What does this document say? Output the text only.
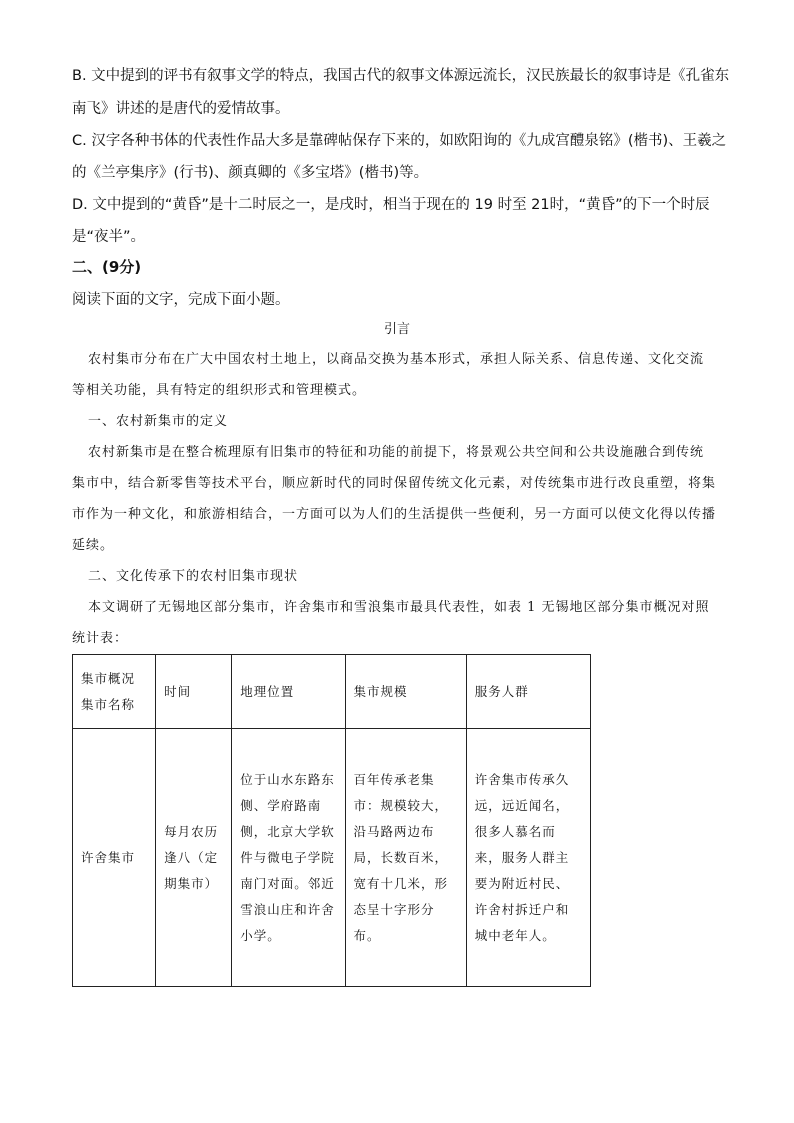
B. 文中提到的评书有叙事文学的特点，我国古代的叙事文体源远流长，汉民族最长的叙事诗是《孔雀东
南飞》讲述的是唐代的爱情故事。
C. 汉字各种书体的代表性作品大多是靠碑帖保存下来的，如欧阳询的《九成宫醴泉铭》(楷书)、王羲之
的《兰亭集序》(行书)、颜真卿的《多宝塔》(楷书)等。
D. 文中提到的“黄昏”是十二时辰之一，是戌时，相当于现在的 19 时至 21时，“黄昏”的下一个时辰
是“夜半”。
二、(9分)
阅读下面的文字，完成下面小题。
引言
农村集市分布在广大中国农村土地上，以商品交换为基本形式，承担人际关系、信息传递、文化交流
等相关功能，具有特定的组织形式和管理模式。
一、农村新集市的定义
农村新集市是在整合梳理原有旧集市的特征和功能的前提下，将景观公共空间和公共设施融合到传统
集市中，结合新零售等技术平台，顺应新时代的同时保留传统文化元素，对传统集市进行改良重塑，将集
市作为一种文化，和旅游相结合，一方面可以为人们的生活提供一些便利，另一方面可以使文化得以传播
延续。
二、文化传承下的农村旧集市现状
本文调研了无锡地区部分集市，许舍集市和雪浪集市最具代表性，如表 1 无锡地区部分集市概况对照
统计表：
集市概况集市名称	时间	地理位置	集市规模	服务人群

许舍集市	每月农历逢八（定期集市）	位于山水东路东侧、学府路南侧，北京大学软件与微电子学院南门对面。邻近雪浪山庄和许舍小学。	百年传承老集市：规模较大，沿马路两边布局，长数百米，宽有十几米，形态呈十字形分布。	许舍集市传承久远，远近闻名，很多人慕名而来，服务人群主要为附近村民、许舍村拆迁户和城中老年人。
